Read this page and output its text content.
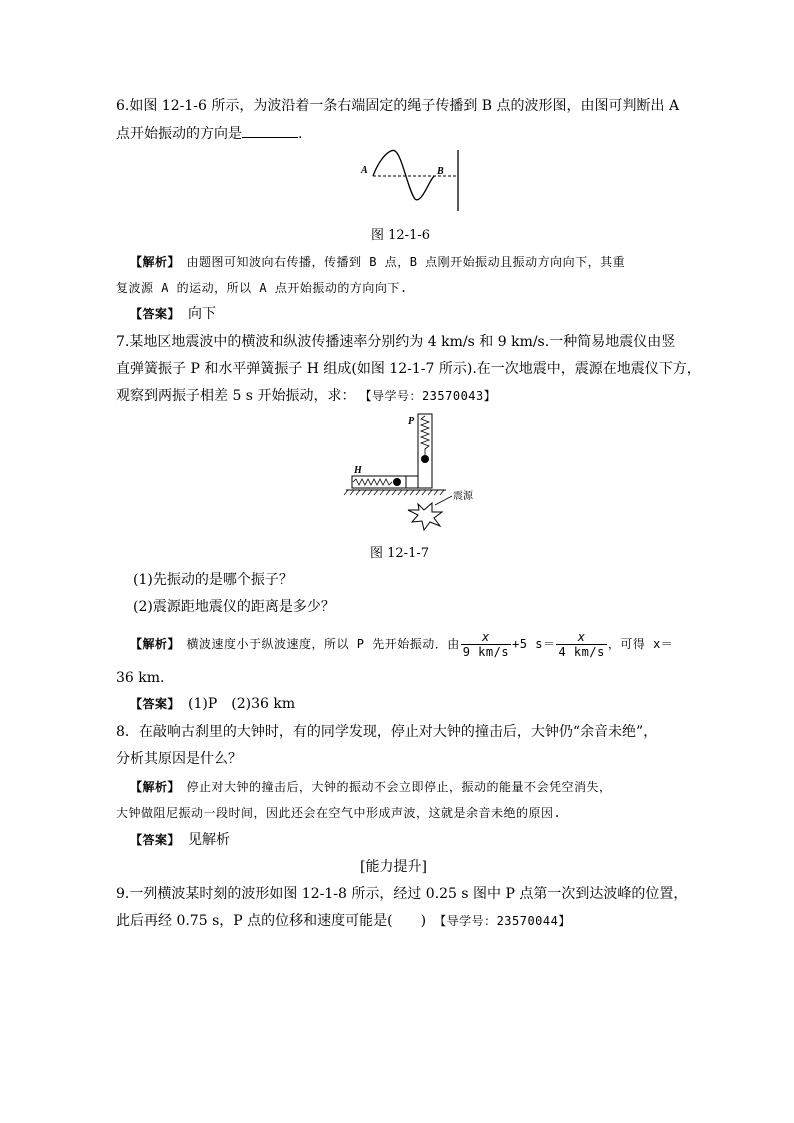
6.如图 12-1-6 所示，为波沿着一条右端固定的绳子传播到 B 点的波形图，由图可判断出 A
点开始振动的方向是	.
A	B
图 12-1-6
【解析】　 由题图可知波向右传播，传播到 B 点，B 点刚开始振动且振动方向向下，其重
复波源 A 的运动，所以 A 点开始振动的方向向下.
【答案】　 向下
7.某地区地震波中的横波和纵波传播速率分别约为 4 km/s 和 9 km/s.一种简易地震仪由竖
直弹簧振子 P 和水平弹簧振子 H 组成(如图 12-1-7 所示).在一次地震中，震源在地震仪下方，
观察到两振子相差 5 s 开始振动，求： 【导学号：23570043】
P
H
震源
图 12-1-7
(1)先振动的是哪个振子？
(2)震源距地震仪的距离是多少？
【解析】　 横波速度小于纵波速度，所以 P 先开始振动．由 $\frac{x}{9 km/s} +5$ $s= \frac{x}{4 km/s}$ ，可得 x＝
36 km.
【答案】　 (1)P　(2)36 km
8．在敲响古刹里的大钟时，有的同学发现，停止对大钟的撞击后，大钟仍“余音未绝”，
分析其原因是什么？
【解析】　 停止对大钟的撞击后，大钟的振动不会立即停止，振动的能量不会凭空消失，
大钟做阻尼振动一段时间，因此还会在空气中形成声波，这就是余音未绝的原因.
【答案】　 见解析
[能力提升]
9.一列横波某时刻的波形如图 12-1-8 所示，经过 0.25 s 图中 P 点第一次到达波峰的位置，
此后再经 0.75 s，P 点的位移和速度可能是(　　) 【导学号：23570044】
